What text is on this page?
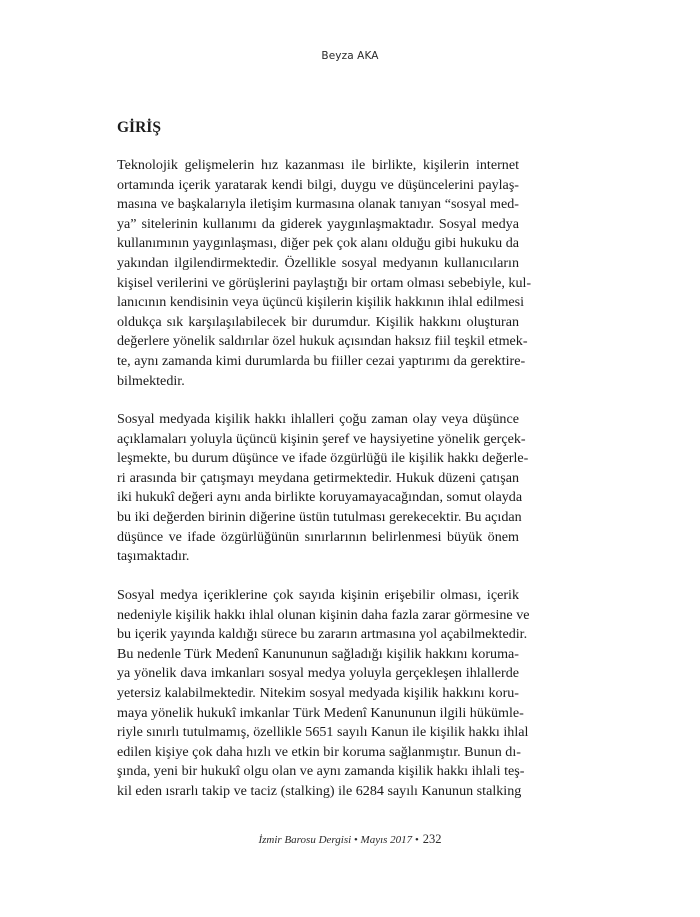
Beyza AKA
GİRİŞ
Teknolojik gelişmelerin hız kazanması ile birlikte, kişilerin internet
ortamında içerik yaratarak kendi bilgi, duygu ve düşüncelerini paylaş-
masına ve başkalarıyla iletişim kurmasına olanak tanıyan “sosyal med-
ya” sitelerinin kullanımı da giderek yaygınlaşmaktadır. Sosyal medya
kullanımının yaygınlaşması, diğer pek çok alanı olduğu gibi hukuku da
yakından ilgilendirmektedir. Özellikle sosyal medyanın kullanıcıların
kişisel verilerini ve görüşlerini paylaştığı bir ortam olması sebebiyle, kul-
lanıcının kendisinin veya üçüncü kişilerin kişilik hakkının ihlal edilmesi
oldukça sık karşılaşılabilecek bir durumdur. Kişilik hakkını oluşturan
değerlere yönelik saldırılar özel hukuk açısından haksız fiil teşkil etmek-
te, aynı zamanda kimi durumlarda bu fiiller cezai yaptırımı da gerektire-
bilmektedir.
Sosyal medyada kişilik hakkı ihlalleri çoğu zaman olay veya düşünce
açıklamaları yoluyla üçüncü kişinin şeref ve haysiyetine yönelik gerçek-
leşmekte, bu durum düşünce ve ifade özgürlüğü ile kişilik hakkı değerle-
ri arasında bir çatışmayı meydana getirmektedir. Hukuk düzeni çatışan
iki hukukî değeri aynı anda birlikte koruyamayacağından, somut olayda
bu iki değerden birinin diğerine üstün tutulması gerekecektir. Bu açıdan
düşünce ve ifade özgürlüğünün sınırlarının belirlenmesi büyük önem
taşımaktadır.
Sosyal medya içeriklerine çok sayıda kişinin erişebilir olması, içerik
nedeniyle kişilik hakkı ihlal olunan kişinin daha fazla zarar görmesine ve
bu içerik yayında kaldığı sürece bu zararın artmasına yol açabilmektedir.
Bu nedenle Türk Medenî Kanununun sağladığı kişilik hakkını koruma-
ya yönelik dava imkanları sosyal medya yoluyla gerçekleşen ihlallerde
yetersiz kalabilmektedir. Nitekim sosyal medyada kişilik hakkını koru-
maya yönelik hukukî imkanlar Türk Medenî Kanununun ilgili hükümle-
riyle sınırlı tutulmamış, özellikle 5651 sayılı Kanun ile kişilik hakkı ihlal
edilen kişiye çok daha hızlı ve etkin bir koruma sağlanmıştır. Bunun dı-
şında, yeni bir hukukî olgu olan ve aynı zamanda kişilik hakkı ihlali teş-
kil eden ısrarlı takip ve taciz (stalking) ile 6284 sayılı Kanunun stalking
İzmir Barosu Dergisi • Mayıs 2017 • 232
